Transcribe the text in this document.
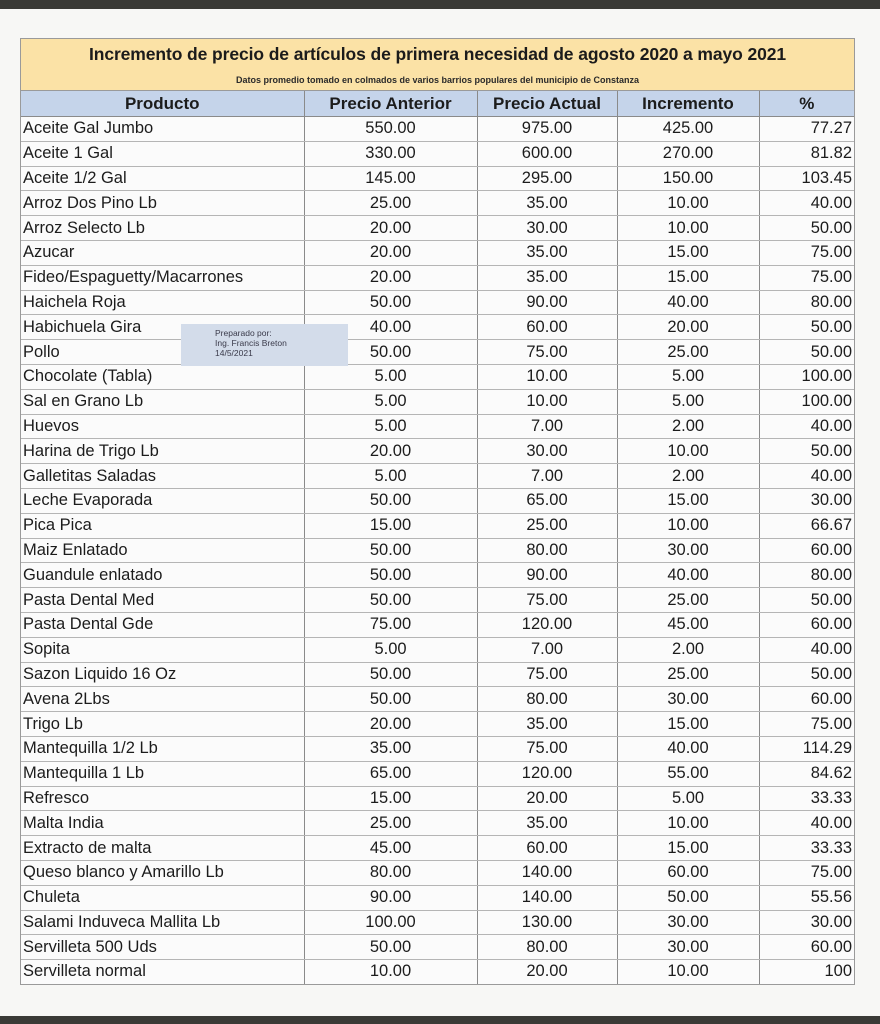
Incremento de precio de artículos de primera necesidad de agosto 2020 a mayo 2021
Datos promedio tomado en colmados de varios barrios populares del municipio de Constanza
Producto	Precio Anterior	Precio Actual	Incremento	%
Aceite Gal Jumbo	550.00	975.00	425.00	77.27
Aceite 1 Gal	330.00	600.00	270.00	81.82
Aceite 1/2 Gal	145.00	295.00	150.00	103.45
Arroz Dos Pino Lb	25.00	35.00	10.00	40.00
Arroz Selecto Lb	20.00	30.00	10.00	50.00
Azucar	20.00	35.00	15.00	75.00
Fideo/Espaguetty/Macarrones	20.00	35.00	15.00	75.00
Haichela Roja	50.00	90.00	40.00	80.00
Habichuela Gira	40.00	60.00	20.00	50.00
Pollo	50.00	75.00	25.00	50.00
Chocolate (Tabla)	5.00	10.00	5.00	100.00
Sal en Grano Lb	5.00	10.00	5.00	100.00
Huevos	5.00	7.00	2.00	40.00
Harina de Trigo Lb	20.00	30.00	10.00	50.00
Galletitas Saladas	5.00	7.00	2.00	40.00
Leche Evaporada	50.00	65.00	15.00	30.00
Pica Pica	15.00	25.00	10.00	66.67
Maiz Enlatado	50.00	80.00	30.00	60.00
Guandule enlatado	50.00	90.00	40.00	80.00
Pasta Dental Med	50.00	75.00	25.00	50.00
Pasta Dental Gde	75.00	120.00	45.00	60.00
Sopita	5.00	7.00	2.00	40.00
Sazon Liquido 16 Oz	50.00	75.00	25.00	50.00
Avena 2Lbs	50.00	80.00	30.00	60.00
Trigo Lb	20.00	35.00	15.00	75.00
Mantequilla 1/2 Lb	35.00	75.00	40.00	114.29
Mantequilla 1 Lb	65.00	120.00	55.00	84.62
Refresco	15.00	20.00	5.00	33.33
Malta India	25.00	35.00	10.00	40.00
Extracto de malta	45.00	60.00	15.00	33.33
Queso blanco y Amarillo Lb	80.00	140.00	60.00	75.00
Chuleta	90.00	140.00	50.00	55.56
Salami Induveca Mallita Lb	100.00	130.00	30.00	30.00
Servilleta 500 Uds	50.00	80.00	30.00	60.00
Servilleta normal	10.00	20.00	10.00	100
Preparado por:
Ing. Francis Breton
14/5/2021
